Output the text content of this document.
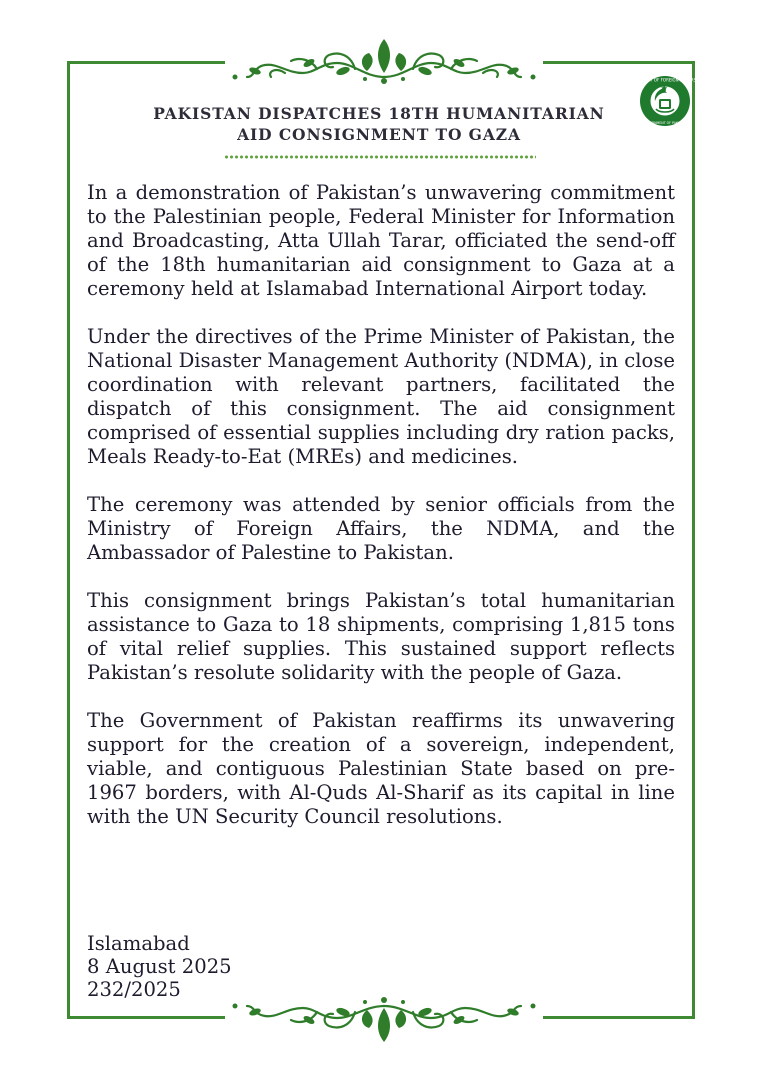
PAKISTAN DISPATCHES 18TH HUMANITARIAN AID CONSIGNMENT TO GAZA
MINISTRY OF FOREIGN AFFAIRS
GOVERNMENT OF PAKISTAN

In a demonstration of Pakistan’s unwavering commitment to the Palestinian people, Federal Minister for Information and Broadcasting, Atta Ullah Tarar, officiated the send-off of the 18th humanitarian aid consignment to Gaza at a ceremony held at Islamabad International Airport today.

Under the directives of the Prime Minister of Pakistan, the National Disaster Management Authority (NDMA), in close coordination with relevant partners, facilitated the dispatch of this consignment. The aid consignment comprised of essential supplies including dry ration packs, Meals Ready-to-Eat (MREs) and medicines.

The ceremony was attended by senior officials from the Ministry of Foreign Affairs, the NDMA, and the Ambassador of Palestine to Pakistan.

This consignment brings Pakistan’s total humanitarian assistance to Gaza to 18 shipments, comprising 1,815 tons of vital relief supplies. This sustained support reflects Pakistan’s resolute solidarity with the people of Gaza.

The Government of Pakistan reaffirms its unwavering support for the creation of a sovereign, independent, viable, and contiguous Palestinian State based on pre-1967 borders, with Al-Quds Al-Sharif as its capital in line with the UN Security Council resolutions.

Islamabad
8 August 2025
232/2025
